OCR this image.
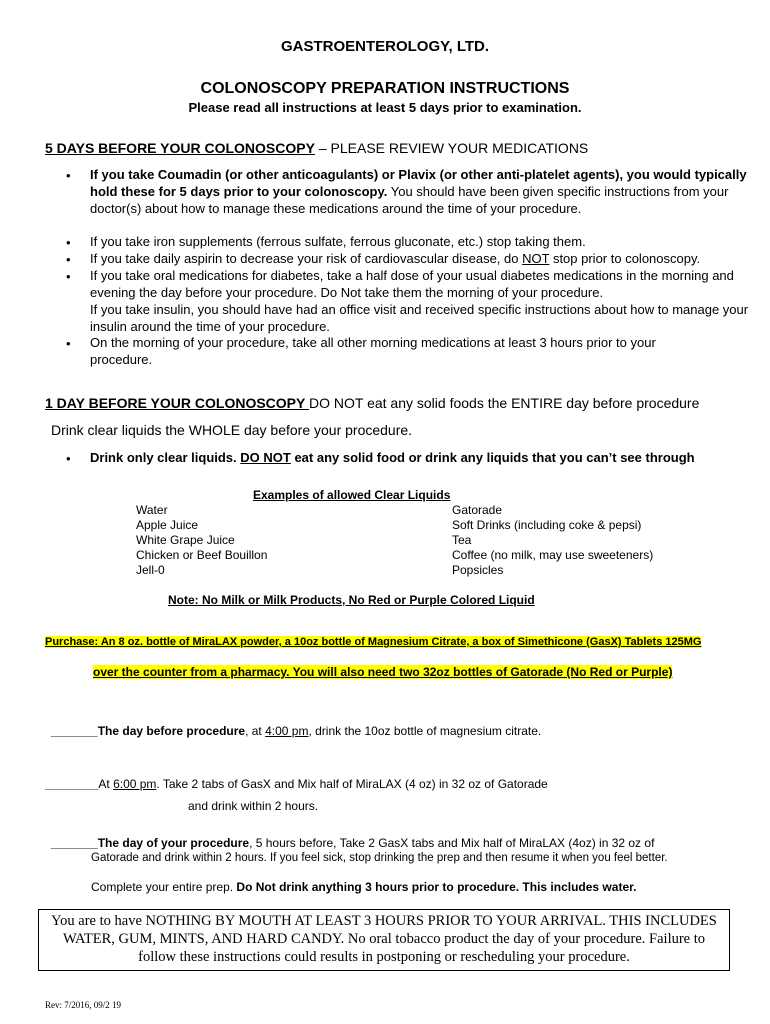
GASTROENTEROLOGY, LTD.
COLONOSCOPY PREPARATION INSTRUCTIONS
Please read all instructions at least 5 days prior to examination.
5 DAYS BEFORE YOUR COLONOSCOPY – PLEASE REVIEW YOUR MEDICATIONS
• If you take Coumadin (or other anticoagulants) or Plavix (or other anti-platelet agents), you would typically hold these for 5 days prior to your colonoscopy. You should have been given specific instructions from your doctor(s) about how to manage these medications around the time of your procedure.
• If you take iron supplements (ferrous sulfate, ferrous gluconate, etc.) stop taking them.
• If you take daily aspirin to decrease your risk of cardiovascular disease, do NOT stop prior to colonoscopy.
• If you take oral medications for diabetes, take a half dose of your usual diabetes medications in the morning and evening the day before your procedure. Do Not take them the morning of your procedure.
If you take insulin, you should have had an office visit and received specific instructions about how to manage your insulin around the time of your procedure.
• On the morning of your procedure, take all other morning medications at least 3 hours prior to your procedure.
1 DAY BEFORE YOUR COLONOSCOPY DO NOT eat any solid foods the ENTIRE day before procedure
Drink clear liquids the WHOLE day before your procedure.
• Drink only clear liquids. DO NOT eat any solid food or drink any liquids that you can’t see through
Examples of allowed Clear Liquids
Water
Apple Juice
White Grape Juice
Chicken or Beef Bouillon
Jell-0
Gatorade
Soft Drinks (including coke & pepsi)
Tea
Coffee (no milk, may use sweeteners)
Popsicles
Note: No Milk or Milk Products, No Red or Purple Colored Liquid
Purchase: An 8 oz. bottle of MiraLAX powder, a 10oz bottle of Magnesium Citrate, a box of Simethicone (GasX) Tablets 125MG
over the counter from a pharmacy. You will also need two 32oz bottles of Gatorade (No Red or Purple)
_______The day before procedure, at 4:00 pm, drink the 10oz bottle of magnesium citrate.
________At 6:00 pm. Take 2 tabs of GasX and Mix half of MiraLAX (4 oz) in 32 oz of Gatorade
and drink within 2 hours.
_______The day of your procedure, 5 hours before, Take 2 GasX tabs and Mix half of MiraLAX (4oz) in 32 oz of
Gatorade and drink within 2 hours. If you feel sick, stop drinking the prep and then resume it when you feel better.
Complete your entire prep. Do Not drink anything 3 hours prior to procedure. This includes water.
You are to have NOTHING BY MOUTH AT LEAST 3 HOURS PRIOR TO YOUR ARRIVAL. THIS INCLUDES WATER, GUM, MINTS, AND HARD CANDY. No oral tobacco product the day of your procedure. Failure to follow these instructions could results in postponing or rescheduling your procedure.
Rev: 7/2016, 09/2 19
